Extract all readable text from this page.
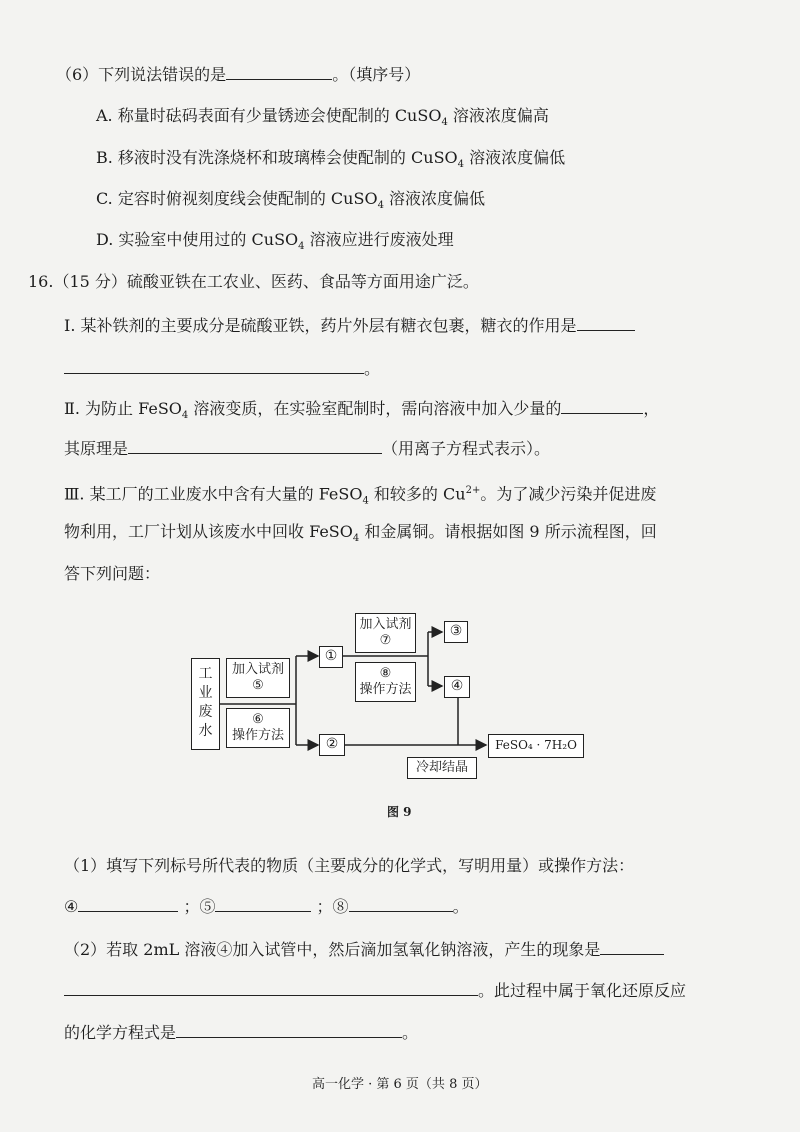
（6）下列说法错误的是	。（填序号）
A. 称量时砝码表面有少量锈迹会使配制的 CuSO$_4$ 溶液浓度偏高
B. 移液时没有洗涤烧杯和玻璃棒会使配制的 CuSO$_4$ 溶液浓度偏低
C. 定容时俯视刻度线会使配制的 CuSO$_4$ 溶液浓度偏低
D. 实验室中使用过的 CuSO$_4$ 溶液应进行废液处理
16.（15 分）硫酸亚铁在工农业、医药、食品等方面用途广泛。
Ⅰ. 某补铁剂的主要成分是硫酸亚铁，药片外层有糖衣包裹，糖衣的作用是
。
Ⅱ. 为防止 FeSO$_4$ 溶液变质，在实验室配制时，需向溶液中加入少量的	，
其原理是	（用离子方程式表示）。
Ⅲ. 某工厂的工业废水中含有大量的 FeSO$_4$ 和较多的 $Cu^{2+}$。为了减少污染并促进废
物利用，工厂计划从该废水中回收 FeSO$_4$ 和金属铜。请根据如图 9 所示流程图，回
答下列问题：
工业废水
加入试剂
⑤
⑥
操作方法
①
②
加入试剂
⑦
⑧
操作方法
③
④
冷却结晶
FeSO₄ · 7H₂O
图 9
（1）填写下列标号所代表的物质（主要成分的化学式，写明用量）或操作方法：
④	；⑤	；⑧	。
（2）若取 2mL 溶液④加入试管中，然后滴加氢氧化钠溶液，产生的现象是
。此过程中属于氧化还原反应
的化学方程式是	。
高一化学 · 第 6 页（共 8 页）
